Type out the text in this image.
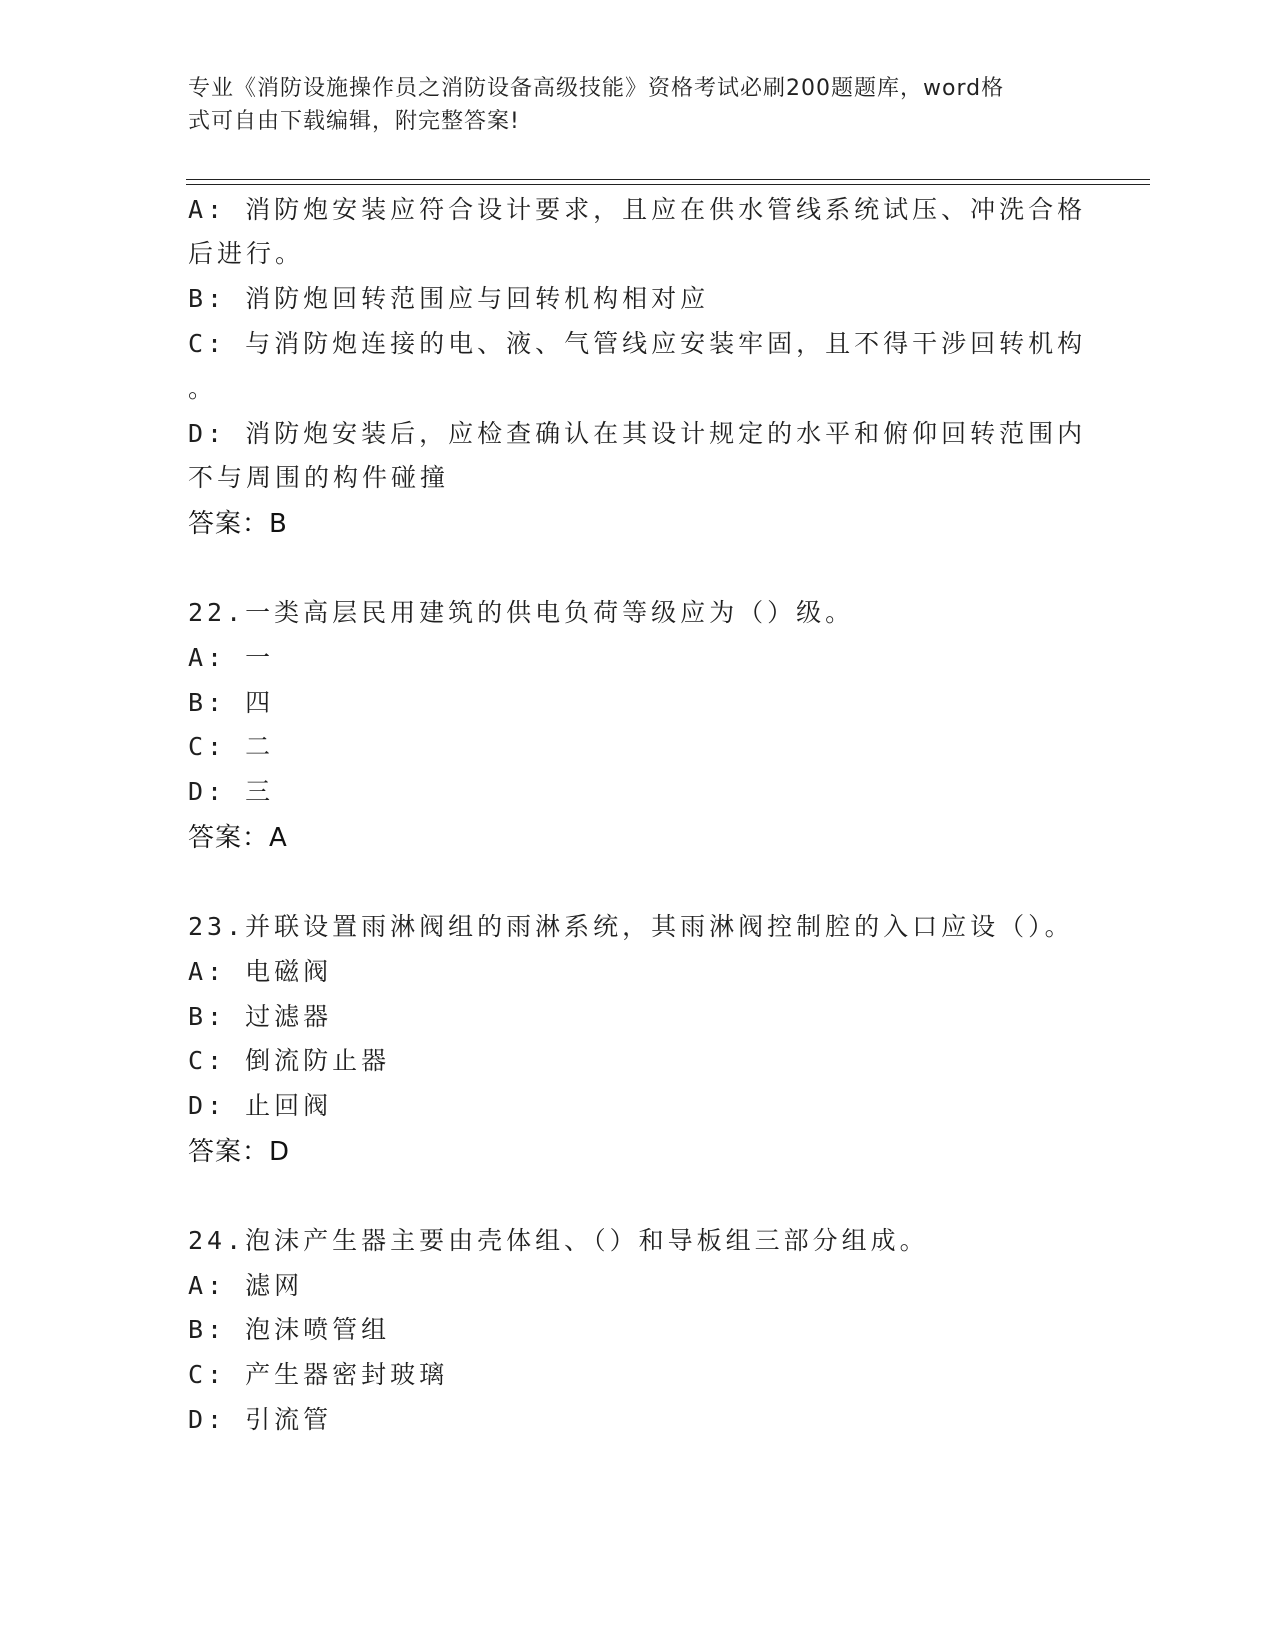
专业《消防设施操作员之消防设备高级技能》资格考试必刷200题题库，word格
式可自由下载编辑，附完整答案!
A: 消防炮安装应符合设计要求，且应在供水管线系统试压、冲洗合格
后进行。
B: 消防炮回转范围应与回转机构相对应
C: 与消防炮连接的电、液、气管线应安装牢固，且不得干涉回转机构
。
D: 消防炮安装后，应检查确认在其设计规定的水平和俯仰回转范围内
不与周围的构件碰撞
答案：B
22.一类高层民用建筑的供电负荷等级应为（）级。
A: 一
B: 四
C: 二
D: 三
答案：A
23.并联设置雨淋阀组的雨淋系统，其雨淋阀控制腔的入口应设（）。
A: 电磁阀
B: 过滤器
C: 倒流防止器
D: 止回阀
答案：D
24.泡沫产生器主要由壳体组、（）和导板组三部分组成。
A: 滤网
B: 泡沫喷管组
C: 产生器密封玻璃
D: 引流管
